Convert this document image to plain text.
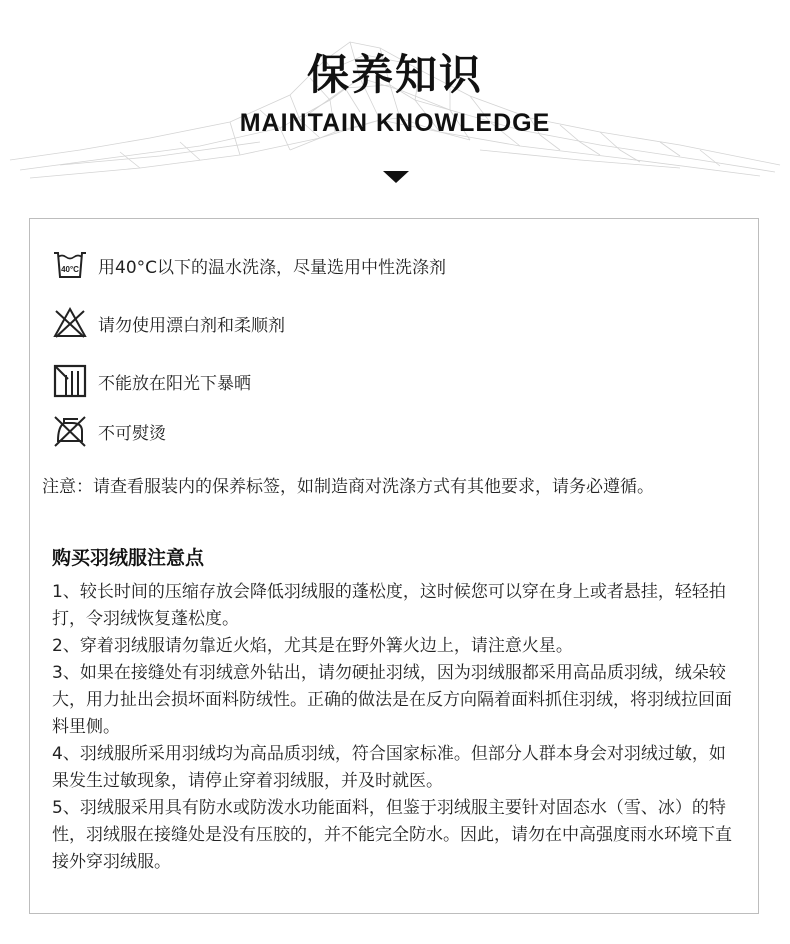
保养知识
MAINTAIN KNOWLEDGE
40°C 用40°C以下的温水洗涤，尽量选用中性洗涤剂
请勿使用漂白剂和柔顺剂
不能放在阳光下暴晒
不可熨烫
注意：请查看服装内的保养标签，如制造商对洗涤方式有其他要求，请务必遵循。
购买羽绒服注意点

1、较长时间的压缩存放会降低羽绒服的蓬松度，这时候您可以穿在身上或者悬挂，轻轻拍打，令羽绒恢复蓬松度。

2、穿着羽绒服请勿靠近火焰，尤其是在野外篝火边上，请注意火星。

3、如果在接缝处有羽绒意外钻出，请勿硬扯羽绒，因为羽绒服都采用高品质羽绒，绒朵较大，用力扯出会损坏面料防绒性。正确的做法是在反方向隔着面料抓住羽绒，将羽绒拉回面料里侧。

4、羽绒服所采用羽绒均为高品质羽绒，符合国家标准。但部分人群本身会对羽绒过敏，如果发生过敏现象，请停止穿着羽绒服，并及时就医。

5、羽绒服采用具有防水或防泼水功能面料，但鉴于羽绒服主要针对固态水（雪、冰）的特性，羽绒服在接缝处是没有压胶的，并不能完全防水。因此，请勿在中高强度雨水环境下直接外穿羽绒服。
